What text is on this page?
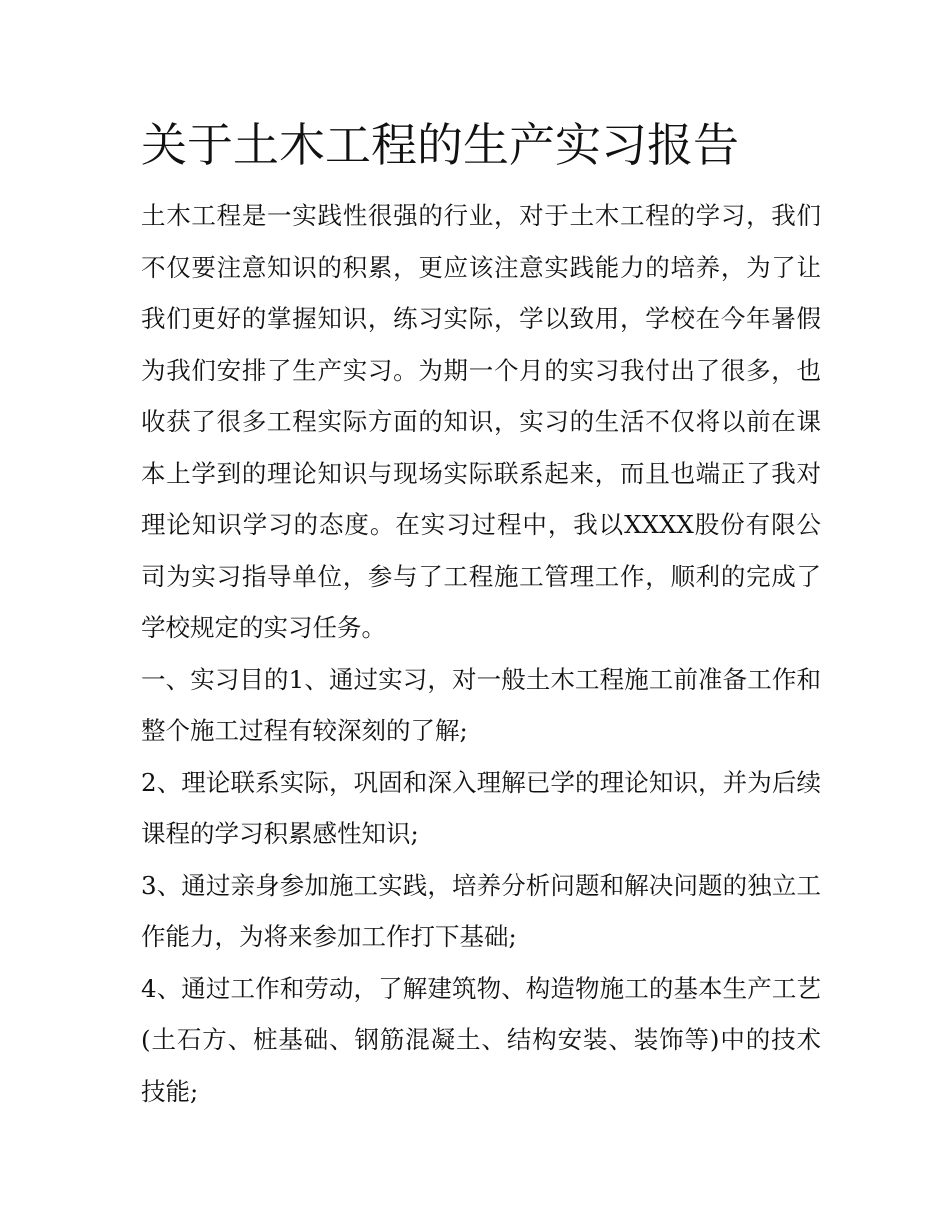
关于土木工程的生产实习报告

土木工程是一实践性很强的行业，对于土木工程的学习，我们不仅要注意知识的积累，更应该注意实践能力的培养，为了让我们更好的掌握知识，练习实际，学以致用，学校在今年暑假为我们安排了生产实习。为期一个月的实习我付出了很多，也收获了很多工程实际方面的知识，实习的生活不仅将以前在课本上学到的理论知识与现场实际联系起来，而且也端正了我对理论知识学习的态度。在实习过程中，我以XXXX股份有限公司为实习指导单位，参与了工程施工管理工作，顺利的完成了学校规定的实习任务。

一、实习目的1、通过实习，对一般土木工程施工前准备工作和整个施工过程有较深刻的了解;

2、理论联系实际，巩固和深入理解已学的理论知识，并为后续课程的学习积累感性知识;

3、通过亲身参加施工实践，培养分析问题和解决问题的独立工作能力，为将来参加工作打下基础;

4、通过工作和劳动，了解建筑物、构造物施工的基本生产工艺(土石方、桩基础、钢筋混凝土、结构安装、装饰等)中的技术技能;
